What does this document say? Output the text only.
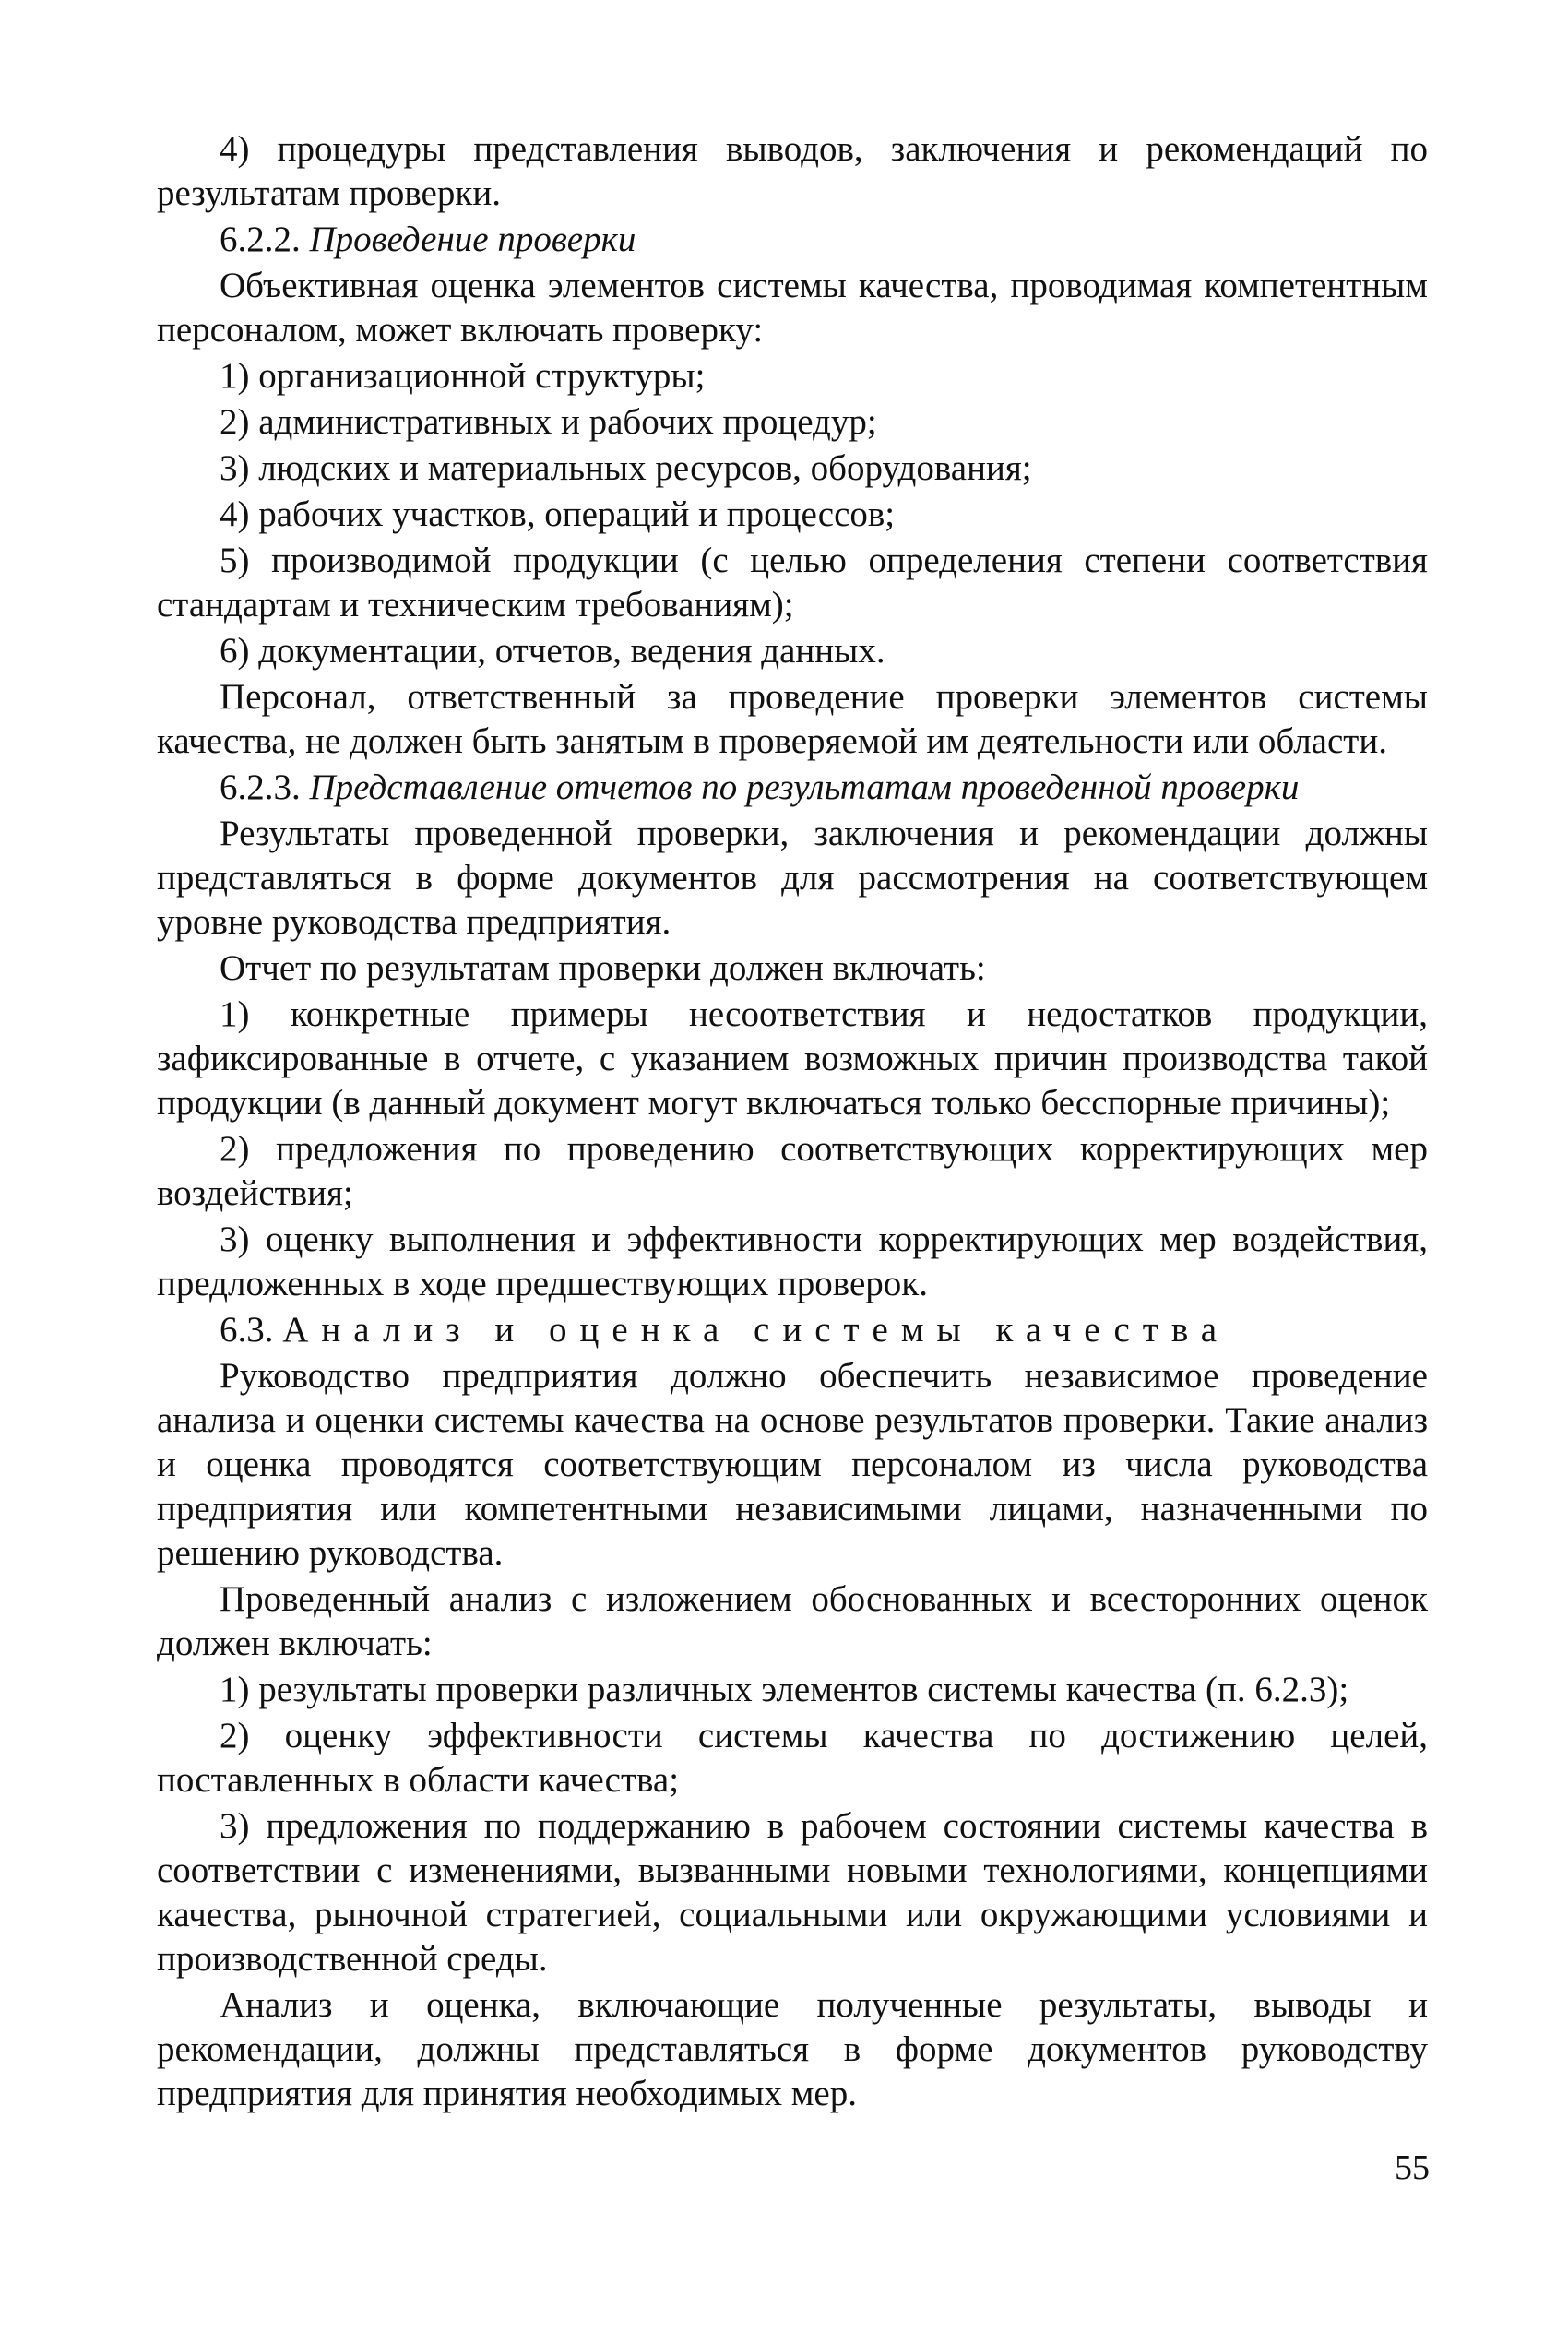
4) процедуры представления выводов, заключения и рекомендаций по результатам проверки.

6.2.2. Проведение проверки

Объективная оценка элементов системы качества, проводимая компетентным персоналом, может включать проверку:

1) организационной структуры;

2) административных и рабочих процедур;

3) людских и материальных ресурсов, оборудования;

4) рабочих участков, операций и процессов;

5) производимой продукции (с целью определения степени соответствия стандартам и техническим требованиям);

6) документации, отчетов, ведения данных.

Персонал, ответственный за проведение проверки элементов системы качества, не должен быть занятым в проверяемой им деятельности или области.

6.2.3. Представление отчетов по результатам проведенной проверки

Результаты проведенной проверки, заключения и рекомендации должны представляться в форме документов для рассмотрения на соответствующем уровне руководства предприятия.

Отчет по результатам проверки должен включать:

1) конкретные примеры несоответствия и недостатков продукции, зафиксированные в отчете, с указанием возможных причин производства такой продукции (в данный документ могут включаться только бесспорные причины);

2) предложения по проведению соответствующих корректирующих мер воздействия;

3) оценку выполнения и эффективности корректирующих мер воздействия, предложенных в ходе предшествующих проверок.

6.3. Анализ и оценка системы качества

Руководство предприятия должно обеспечить независимое проведение анализа и оценки системы качества на основе результатов проверки. Такие анализ и оценка проводятся соответствующим персоналом из числа руководства предприятия или компетентными независимыми лицами, назначенными по решению руководства.

Проведенный анализ с изложением обоснованных и всесторонних оценок должен включать:

1) результаты проверки различных элементов системы качества (п. 6.2.3);

2) оценку эффективности системы качества по достижению целей, поставленных в области качества;

3) предложения по поддержанию в рабочем состоянии системы качества в соответствии с изменениями, вызванными новыми технологиями, концепциями качества, рыночной стратегией, социальными или окружающими условиями и производственной среды.

Анализ и оценка, включающие полученные результаты, выводы и рекомендации, должны представляться в форме документов руководству предприятия для принятия необходимых мер.

55
